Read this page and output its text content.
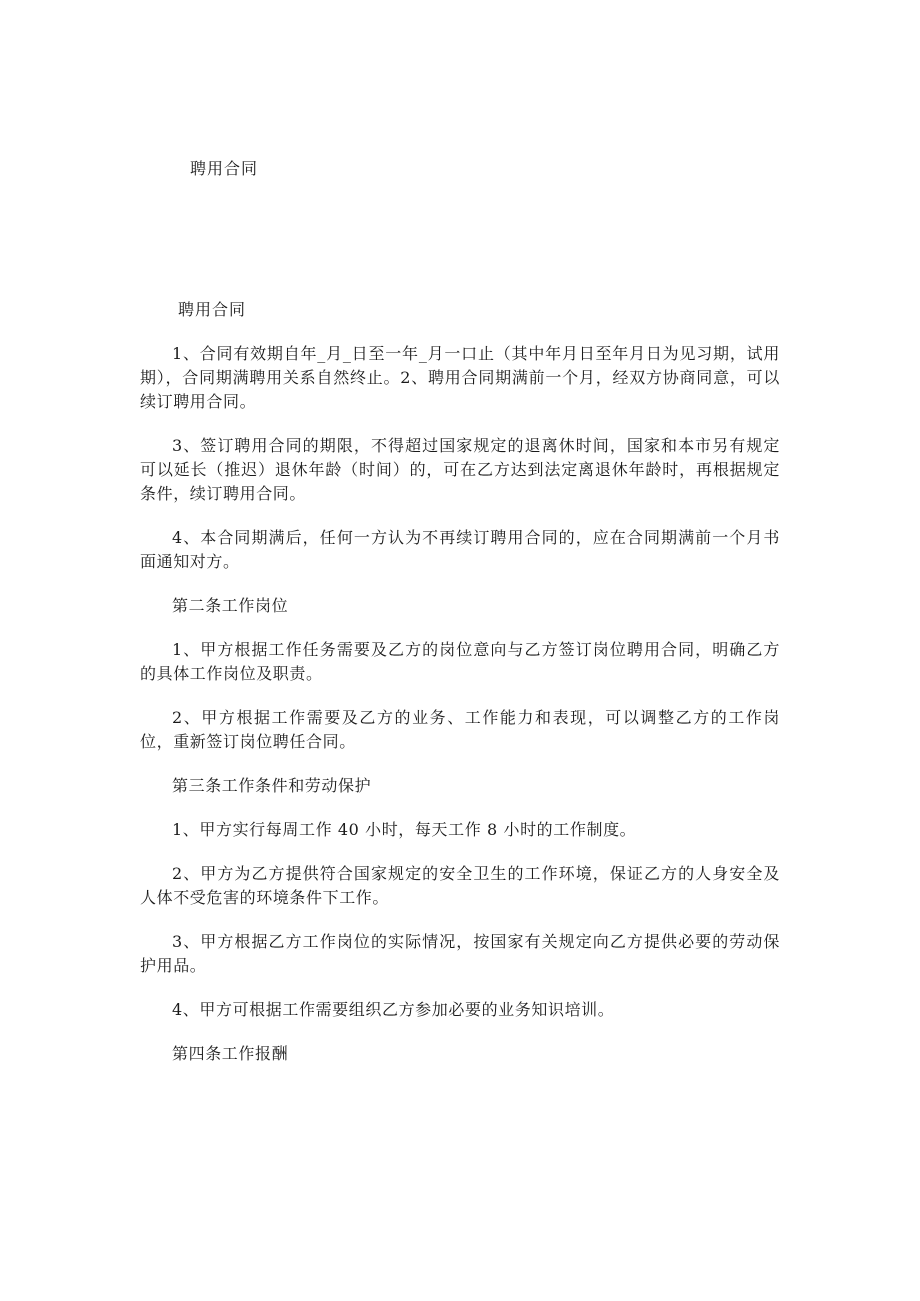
聘用合同

聘用合同

1、合同有效期自年_月_日至一年_月一口止（其中年月日至年月日为见习期，试用期），合同期满聘用关系自然终止。2、聘用合同期满前一个月，经双方协商同意，可以续订聘用合同。

3、签订聘用合同的期限，不得超过国家规定的退离休时间，国家和本市另有规定可以延长（推迟）退休年龄（时间）的，可在乙方达到法定离退休年龄时，再根据规定条件，续订聘用合同。

4、本合同期满后，任何一方认为不再续订聘用合同的，应在合同期满前一个月书面通知对方。

第二条工作岗位

1、甲方根据工作任务需要及乙方的岗位意向与乙方签订岗位聘用合同，明确乙方的具体工作岗位及职责。

2、甲方根据工作需要及乙方的业务、工作能力和表现，可以调整乙方的工作岗位，重新签订岗位聘任合同。

第三条工作条件和劳动保护

1、甲方实行每周工作 40 小时，每天工作 8 小时的工作制度。

2、甲方为乙方提供符合国家规定的安全卫生的工作环境，保证乙方的人身安全及人体不受危害的环境条件下工作。

3、甲方根据乙方工作岗位的实际情况，按国家有关规定向乙方提供必要的劳动保护用品。

4、甲方可根据工作需要组织乙方参加必要的业务知识培训。

第四条工作报酬
